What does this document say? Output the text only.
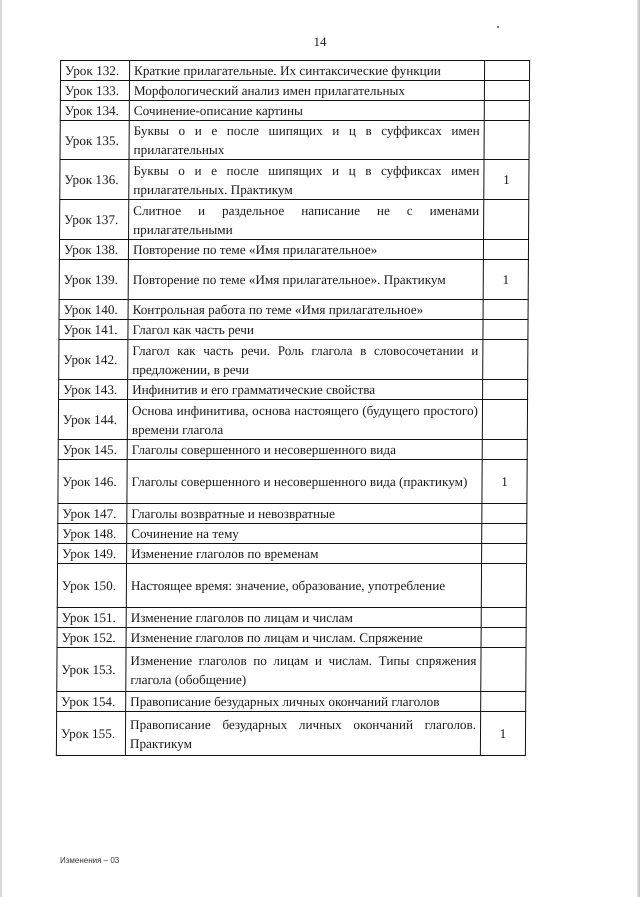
14
Урок 132.	Краткие прилагательные. Их синтаксические функции	
Урок 133.	Морфологический анализ имен прилагательных	
Урок 134.	Сочинение-описание картины	
Урок 135.	Буквы о и е после шипящих и ц в суффиксах имен прилагательных	
Урок 136.	Буквы о и е после шипящих и ц в суффиксах имен прилагательных. Практикум	1
Урок 137.	Слитное и раздельное написание не с именами прилагательными	
Урок 138.	Повторение по теме «Имя прилагательное»	
Урок 139.	Повторение по теме «Имя прилагательное». Практикум	1
Урок 140.	Контрольная работа по теме «Имя прилагательное»	
Урок 141.	Глагол как часть речи	
Урок 142.	Глагол как часть речи. Роль глагола в словосочетании и предложении, в речи	
Урок 143.	Инфинитив и его грамматические свойства	
Урок 144.	Основа инфинитива, основа настоящего (будущего простого) времени глагола	
Урок 145.	Глаголы совершенного и несовершенного вида	
Урок 146.	Глаголы совершенного и несовершенного вида (практикум)	1
Урок 147.	Глаголы возвратные и невозвратные	
Урок 148.	Сочинение на тему	
Урок 149.	Изменение глаголов по временам	
Урок 150.	Настоящее время: значение, образование, употребление	
Урок 151.	Изменение глаголов по лицам и числам	
Урок 152.	Изменение глаголов по лицам и числам. Спряжение	
Урок 153.	Изменение глаголов по лицам и числам. Типы спряжения глагола (обобщение)	
Урок 154.	Правописание безударных личных окончаний глаголов	
Урок 155.	Правописание безударных личных окончаний глаголов. Практикум	1
Изменения – 03
